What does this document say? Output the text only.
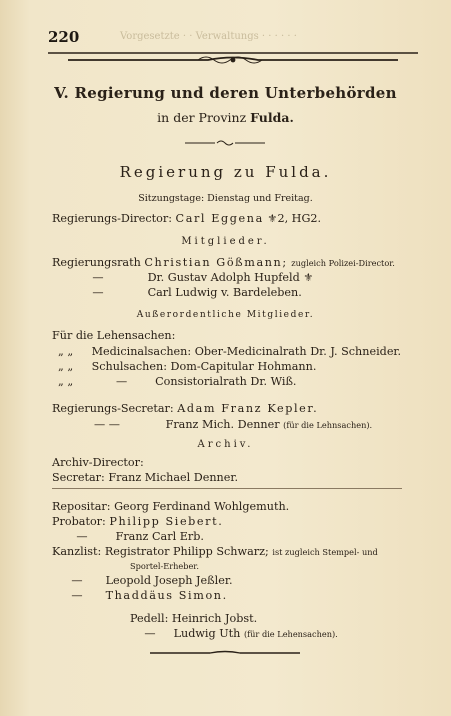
220	Vorgesetzte · · Verwaltungs · · · · · ·
V. Regierung und deren Unterbehörden
in der Provinz Fulda.
Regierung zu Fulda.
Sitzungstage: Dienstag und Freitag.
Regierungs-Director: Carl Eggena ⚜2, HG2.
Mitglieder.
Regierungsrath Christian Gößmann; zugleich Polizei-Director.
—	Dr. Gustav Adolph Hupfeld ⚜
—	Carl Ludwig v. Bardeleben.
Außerordentliche Mitglieder.
Für die Lehensachen:
„ „ Medicinalsachen: Ober-Medicinalrath Dr. J. Schneider.
„ „ Schulsachen: Dom-Capitular Hohmann.
„ „	— Consistorialrath Dr. Wiß.
Regierungs-Secretar: Adam Franz Kepler.
— —	Franz Mich. Denner (für die Lehnsachen).
Archiv.
Archiv-Director:
Secretar: Franz Michael Denner.
Repositar: Georg Ferdinand Wohlgemuth.
Probator: Philipp Siebert.
— Franz Carl Erb.
Kanzlist: Registrator Philipp Schwarz; ist zugleich Stempel- und
Sportel-Erheber.
— Leopold Joseph Jeßler.
— Thaddäus Simon.
Pedell: Heinrich Jobst.
— Ludwig Uth (für die Lehensachen).
